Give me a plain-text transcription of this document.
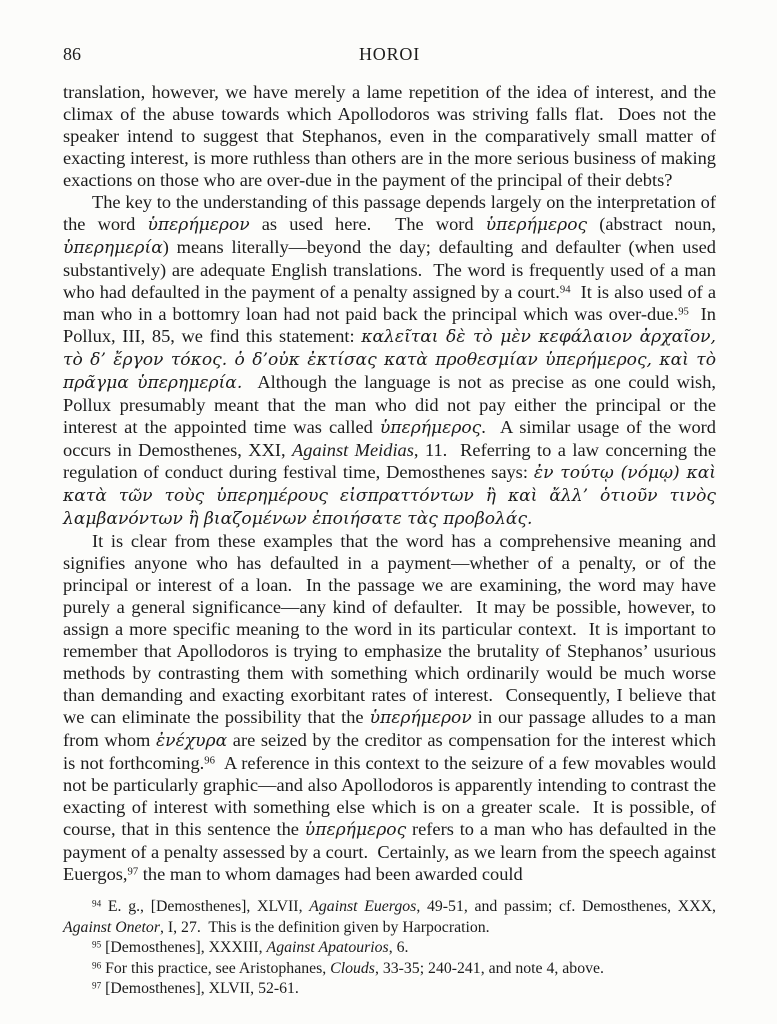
86	HOROI

translation, however, we have merely a lame repetition of the idea of interest, and the climax of the abuse towards which Apollodoros was striving falls flat.  Does not the speaker intend to suggest that Stephanos, even in the comparatively small matter of exacting interest, is more ruthless than others are in the more serious business of making exactions on those who are over-due in the payment of the principal of their debts?

The key to the understanding of this passage depends largely on the interpretation of the word ὑπερήμερον as used here.  The word ὑπερήμερος (abstract noun, ὑπερημερία) means literally—beyond the day; defaulting and defaulter (when used substantively) are adequate English translations.  The word is frequently used of a man who had defaulted in the payment of a penalty assigned by a court.$^{94}$  It is also used of a man who in a bottomry loan had not paid back the principal which was over-due.$^{95}$  In Pollux, III, 85, we find this statement: καλεῖται δὲ τὸ μὲν κεφάλαιον ἀρχαῖον, τὸ δ’ ἔργον τόκος. ὁ δ’οὐκ ἐκτίσας κατὰ προθεσμίαν ὑπερήμερος, καὶ τὸ πρᾶγμα ὑπερημερία.  Although the language is not as precise as one could wish, Pollux presumably meant that the man who did not pay either the principal or the interest at the appointed time was called ὑπερήμερος.  A similar usage of the word occurs in Demosthenes, XXI, Against Meidias, 11.  Referring to a law concerning the regulation of conduct during festival time, Demosthenes says: ἐν τούτῳ (νόμῳ) καὶ κατὰ τῶν τοὺς ὑπερημέρους εἰσπραττόντων ἢ καὶ ἄλλ’ ὁτιοῦν τινὸς λαμβανόντων ἢ βιαζομένων ἐποιήσατε τὰς προβολάς.

It is clear from these examples that the word has a comprehensive meaning and signifies anyone who has defaulted in a payment—whether of a penalty, or of the principal or interest of a loan.  In the passage we are examining, the word may have purely a general significance—any kind of defaulter.  It may be possible, however, to assign a more specific meaning to the word in its particular context.  It is important to remember that Apollodoros is trying to emphasize the brutality of Stephanos’ usurious methods by contrasting them with something which ordinarily would be much worse than demanding and exacting exorbitant rates of interest.  Consequently, I believe that we can eliminate the possibility that the ὑπερήμερον in our passage alludes to a man from whom ἐνέχυρα are seized by the creditor as compensation for the interest which is not forthcoming.$^{96}$  A reference in this context to the seizure of a few movables would not be particularly graphic—and also Apollodoros is apparently intending to contrast the exacting of interest with something else which is on a greater scale.  It is possible, of course, that in this sentence the ὑπερήμερος refers to a man who has defaulted in the payment of a penalty assessed by a court.  Certainly, as we learn from the speech against Euergos,$^{97}$ the man to whom damages had been awarded could

$^{94}$ E. g., [Demosthenes], XLVII, Against Euergos, 49-51, and passim; cf. Demosthenes, XXX, Against Onetor, I, 27.  This is the definition given by Harpocration.

$^{95}$ [Demosthenes], XXXIII, Against Apatourios, 6.

$^{96}$ For this practice, see Aristophanes, Clouds, 33-35; 240-241, and note 4, above.

$^{97}$ [Demosthenes], XLVII, 52-61.
